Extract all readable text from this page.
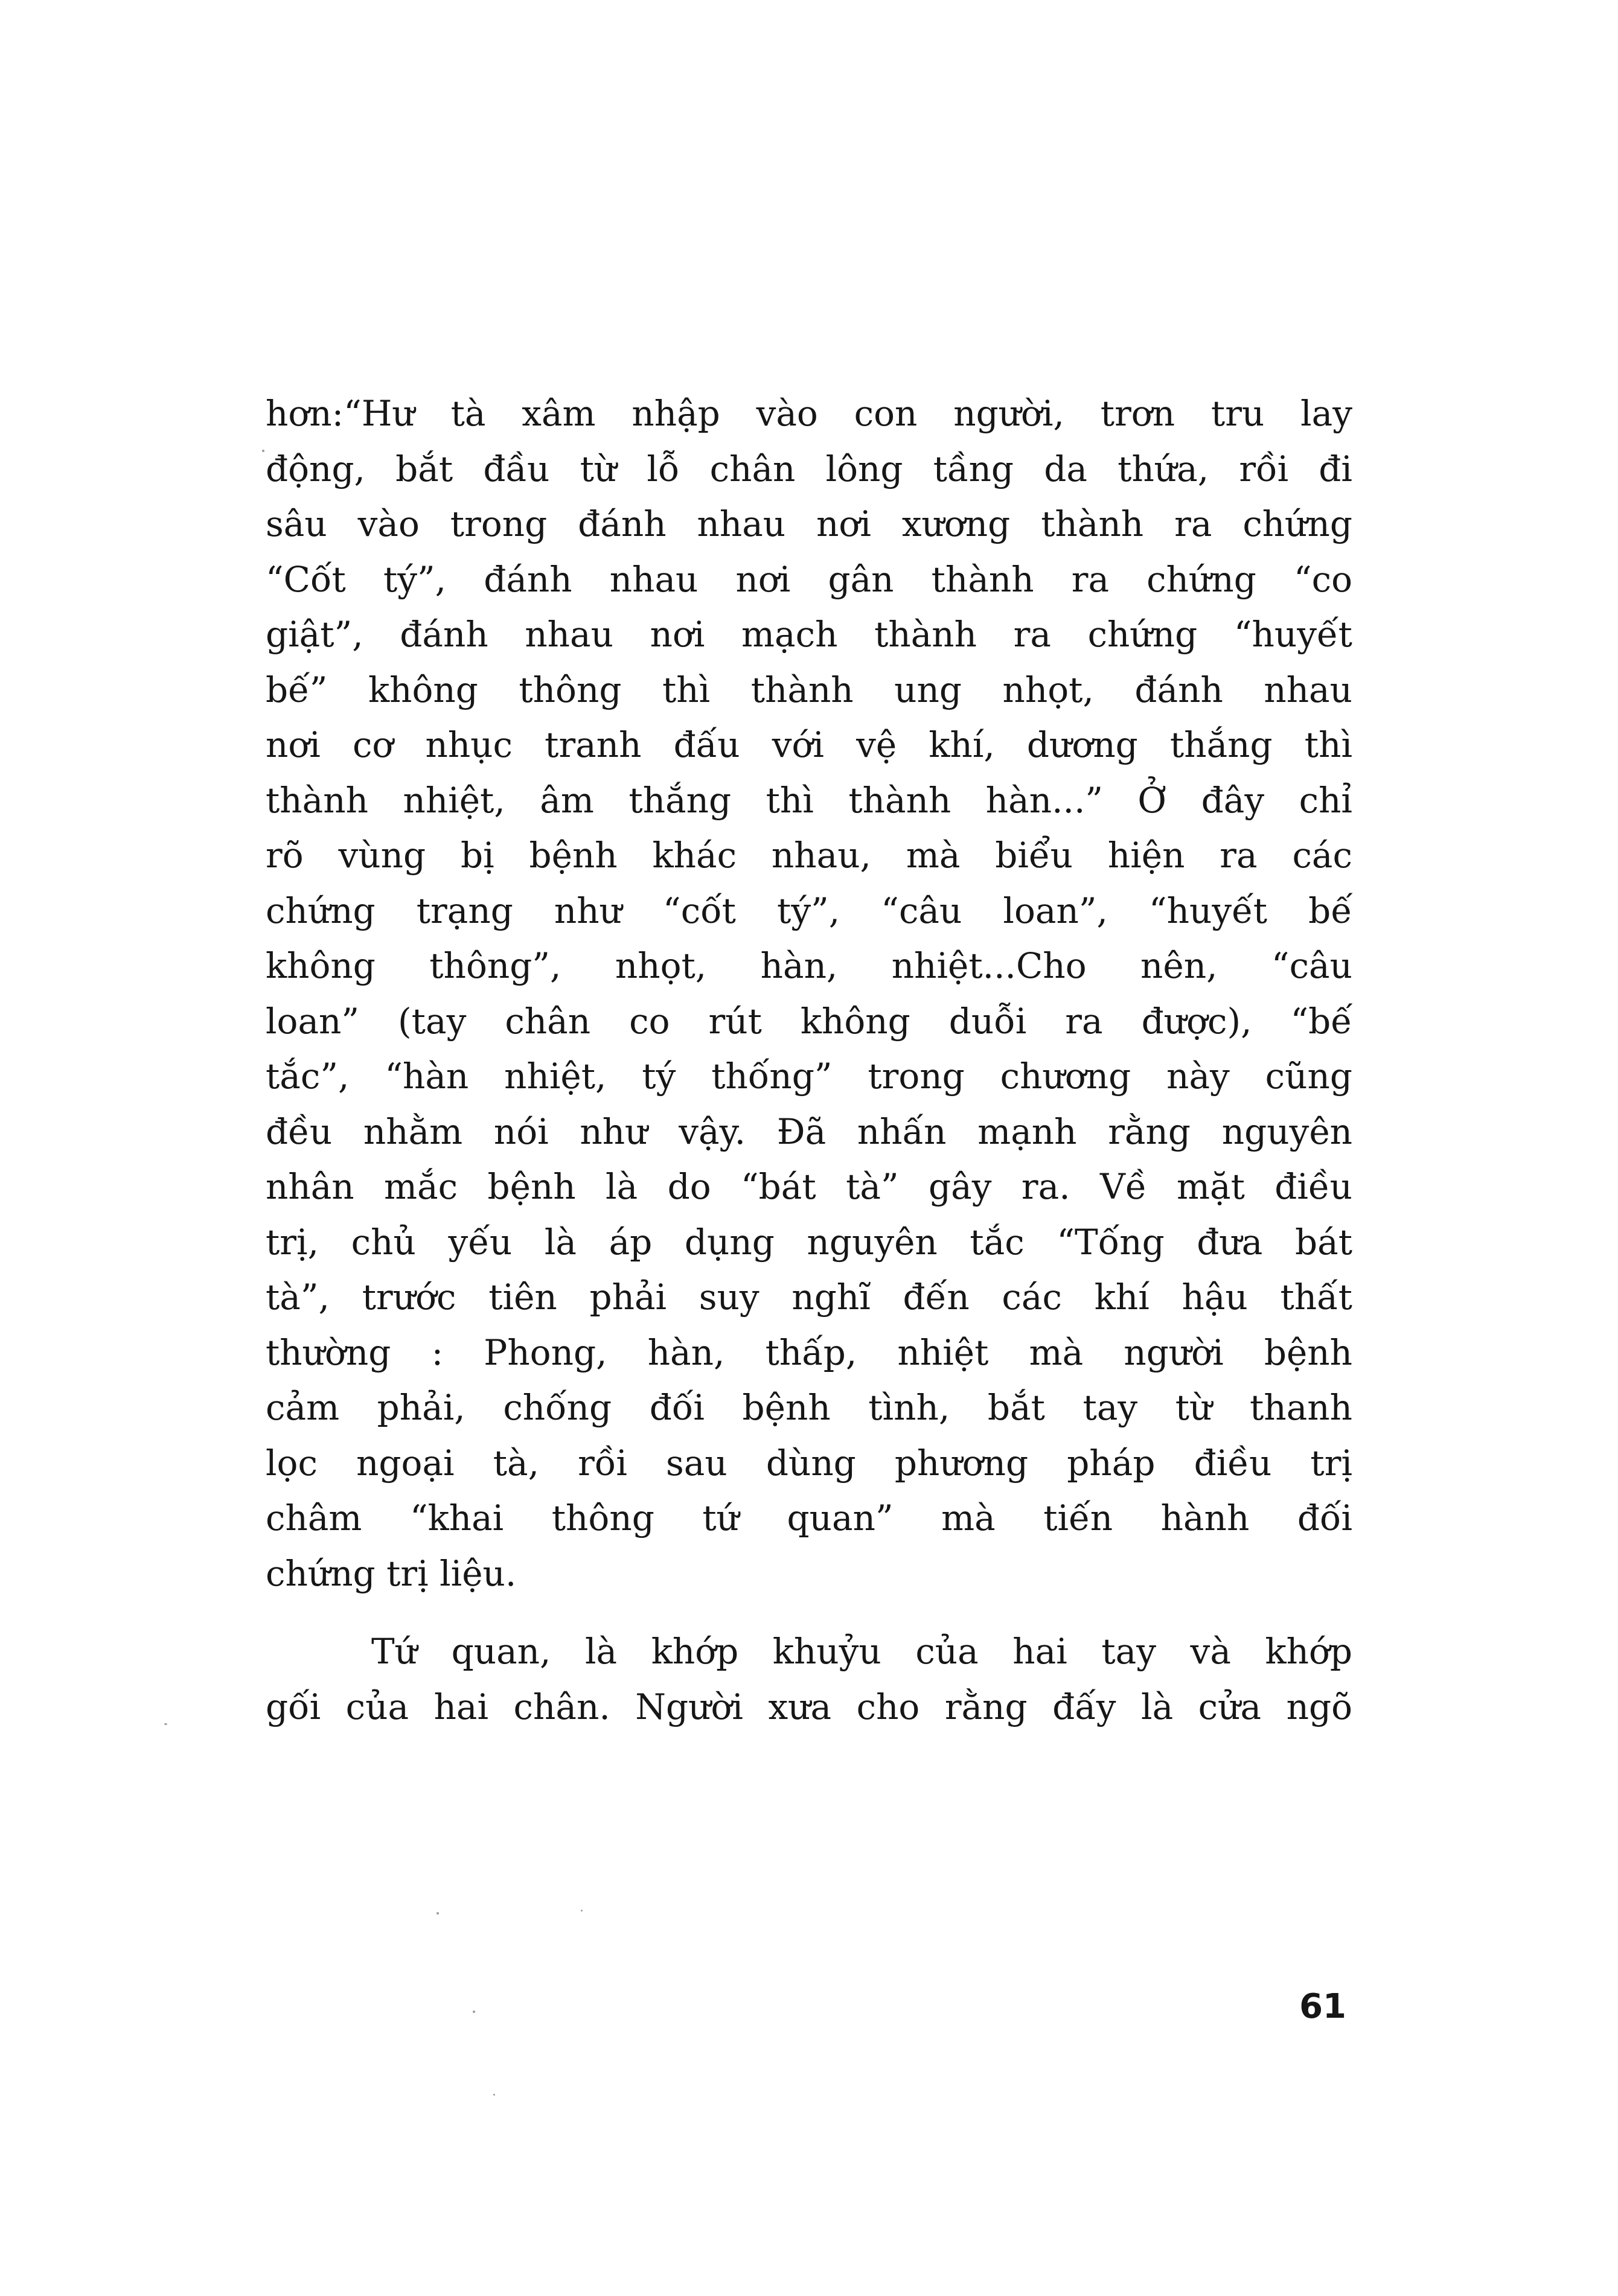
hơn:“Hư tà xâm nhập vào con người, trơn tru lay
động, bắt đầu từ lỗ chân lông tầng da thứa, rồi đi
sâu vào trong đánh nhau nơi xương thành ra chứng
“Cốt tý”, đánh nhau nơi gân thành ra chứng “co
giật”, đánh nhau nơi mạch thành ra chứng “huyết
bế” không thông thì thành ung nhọt, đánh nhau
nơi cơ nhục tranh đấu với vệ khí, dương thắng thì
thành nhiệt, âm thắng thì thành hàn...” Ở đây chỉ
rõ vùng bị bệnh khác nhau, mà biểu hiện ra các
chứng trạng như “cốt tý”, “câu loan”, “huyết bế
không thông”, nhọt, hàn, nhiệt...Cho nên, “câu
loan” (tay chân co rút không duỗi ra được), “bế
tắc”, “hàn nhiệt, tý thống” trong chương này cũng
đều nhằm nói như vậy. Đã nhấn mạnh rằng nguyên
nhân mắc bệnh là do “bát tà” gây ra. Về mặt điều
trị, chủ yếu là áp dụng nguyên tắc “Tống đưa bát
tà”, trước tiên phải suy nghĩ đến các khí hậu thất
thường : Phong, hàn, thấp, nhiệt mà người bệnh
cảm phải, chống đối bệnh tình, bắt tay từ thanh
lọc ngoại tà, rồi sau dùng phương pháp điều trị
châm “khai thông tứ quan” mà tiến hành đối
chứng trị liệu.
Tứ quan, là khớp khuỷu của hai tay và khớp
gối của hai chân. Người xưa cho rằng đấy là cửa ngõ
61
